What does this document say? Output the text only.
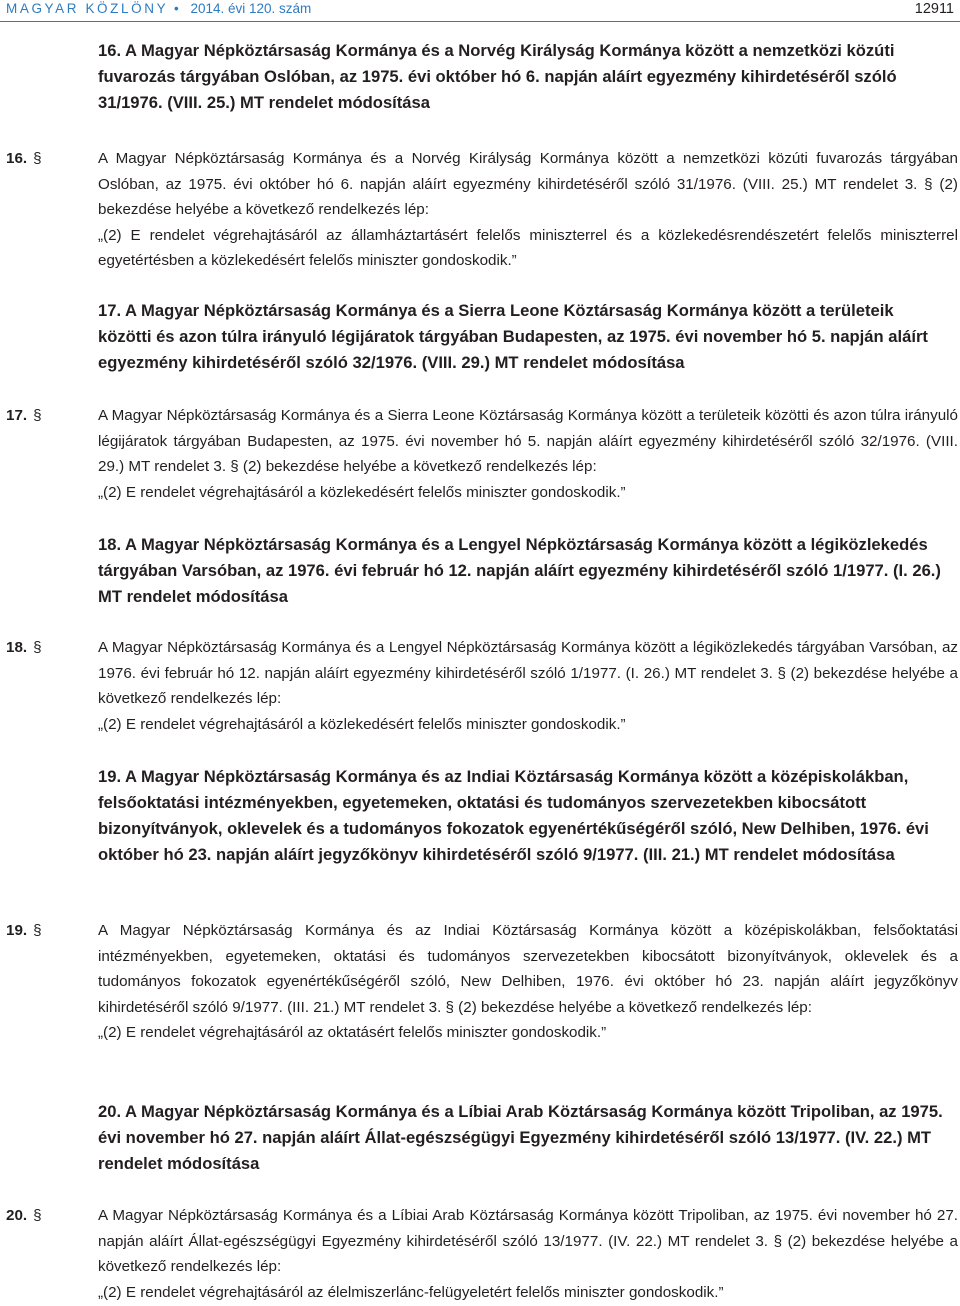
MAGYAR KÖZLÖNY • 2014. évi 120. szám	12911
16. A Magyar Népköztársaság Kormánya és a Norvég Királyság Kormánya között a nemzetközi közúti fuvarozás tárgyában Oslóban, az 1975. évi október hó 6. napján aláírt egyezmény kihirdetéséről szóló 31/1976. (VIII. 25.) MT rendelet módosítása
16. §	A Magyar Népköztársaság Kormánya és a Norvég Királyság Kormánya között a nemzetközi közúti fuvarozás tárgyában Oslóban, az 1975. évi október hó 6. napján aláírt egyezmény kihirdetéséről szóló 31/1976. (VIII. 25.) MT rendelet 3. § (2) bekezdése helyébe a következő rendelkezés lép:

„(2) E rendelet végrehajtásáról az államháztartásért felelős miniszterrel és a közlekedésrendészetért felelős miniszterrel egyetértésben a közlekedésért felelős miniszter gondoskodik.”

17. A Magyar Népköztársaság Kormánya és a Sierra Leone Köztársaság Kormánya között a területeik közötti és azon túlra irányuló légijáratok tárgyában Budapesten, az 1975. évi november hó 5. napján aláírt egyezmény kihirdetéséről szóló 32/1976. (VIII. 29.) MT rendelet módosítása
17. §	A Magyar Népköztársaság Kormánya és a Sierra Leone Köztársaság Kormánya között a területeik közötti és azon túlra irányuló légijáratok tárgyában Budapesten, az 1975. évi november hó 5. napján aláírt egyezmény kihirdetéséről szóló 32/1976. (VIII. 29.) MT rendelet 3. § (2) bekezdése helyébe a következő rendelkezés lép:

„(2) E rendelet végrehajtásáról a közlekedésért felelős miniszter gondoskodik.”

18. A Magyar Népköztársaság Kormánya és a Lengyel Népköztársaság Kormánya között a légiközlekedés tárgyában Varsóban, az 1976. évi február hó 12. napján aláírt egyezmény kihirdetéséről szóló 1/1977. (I. 26.) MT rendelet módosítása
18. §	A Magyar Népköztársaság Kormánya és a Lengyel Népköztársaság Kormánya között a légiközlekedés tárgyában Varsóban, az 1976. évi február hó 12. napján aláírt egyezmény kihirdetéséről szóló 1/1977. (I. 26.) MT rendelet 3. § (2) bekezdése helyébe a következő rendelkezés lép:

„(2) E rendelet végrehajtásáról a közlekedésért felelős miniszter gondoskodik.”

19. A Magyar Népköztársaság Kormánya és az Indiai Köztársaság Kormánya között a középiskolákban, felsőoktatási intézményekben, egyetemeken, oktatási és tudományos szervezetekben kibocsátott bizonyítványok, oklevelek és a tudományos fokozatok egyenértékűségéről szóló, New Delhiben, 1976. évi október hó 23. napján aláírt jegyzőkönyv kihirdetéséről szóló 9/1977. (III. 21.) MT rendelet módosítása
19. §	A Magyar Népköztársaság Kormánya és az Indiai Köztársaság Kormánya között a középiskolákban, felsőoktatási intézményekben, egyetemeken, oktatási és tudományos szervezetekben kibocsátott bizonyítványok, oklevelek és a tudományos fokozatok egyenértékűségéről szóló, New Delhiben, 1976. évi október hó 23. napján aláírt jegyzőkönyv kihirdetéséről szóló 9/1977. (III. 21.) MT rendelet 3. § (2) bekezdése helyébe a következő rendelkezés lép:

„(2) E rendelet végrehajtásáról az oktatásért felelős miniszter gondoskodik.”

20. A Magyar Népköztársaság Kormánya és a Líbiai Arab Köztársaság Kormánya között Tripoliban, az 1975. évi november hó 27. napján aláírt Állat-egészségügyi Egyezmény kihirdetéséről szóló 13/1977. (IV. 22.) MT rendelet módosítása
20. §	A Magyar Népköztársaság Kormánya és a Líbiai Arab Köztársaság Kormánya között Tripoliban, az 1975. évi november hó 27. napján aláírt Állat-egészségügyi Egyezmény kihirdetéséről szóló 13/1977. (IV. 22.) MT rendelet 3. § (2) bekezdése helyébe a következő rendelkezés lép:

„(2) E rendelet végrehajtásáról az élelmiszerlánc-felügyeletért felelős miniszter gondoskodik.”
